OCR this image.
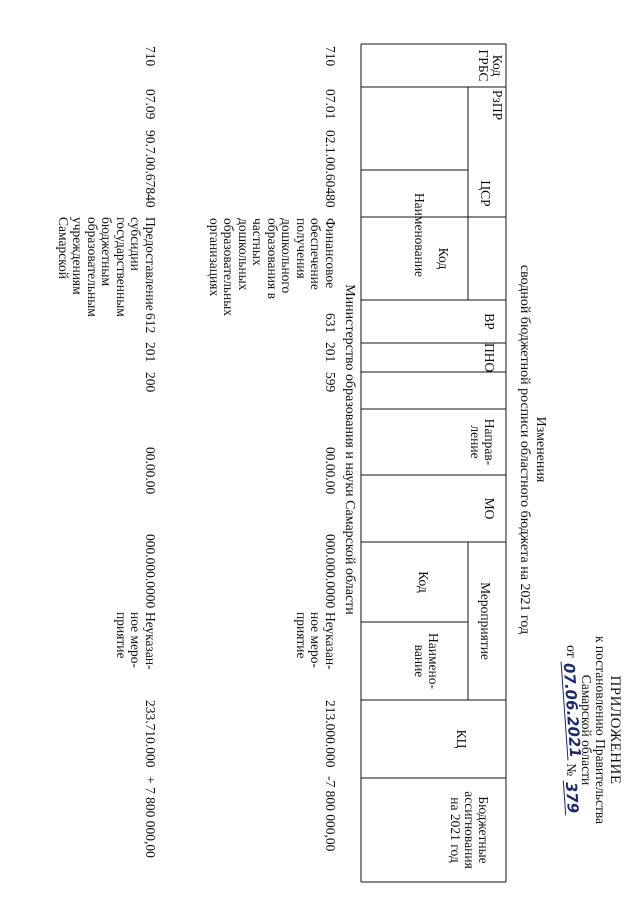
ПРИЛОЖЕНИЕ
к постановлению Правительства
Самарской области
от 07.06.2021 № 379
Изменения
сводной бюджетной росписи областного бюджета на 2021 год
Код
ГРБС
РзПР
ЦСР
Код
Наименование
ВР
ПНО
Направ-
ление
МО
Мероприятие
Код
Наимено-
вание
КЦ
Бюджетные
ассигнования
на 2021 год
Министерство образования и науки Самарской области
710
07.01
02.1.00.60480
Финансовое
обеспечение
получения
дошкольного
образования в
частных
дошкольных
образовательных
организациях
631
201
599
00.00.00
000.000.0000
Неуказан-
ное меро-
приятие
213.000.000
-7 800 000,00
710
07.09
90.7.00.67840
Предоставление
субсидии
государственным
бюджетным
образовательным
учреждениям
Самарской
612
201
200
00.00.00
000.000.0000
Неуказан-
ное меро-
приятие
233.710.000
+ 7 800 000,00
